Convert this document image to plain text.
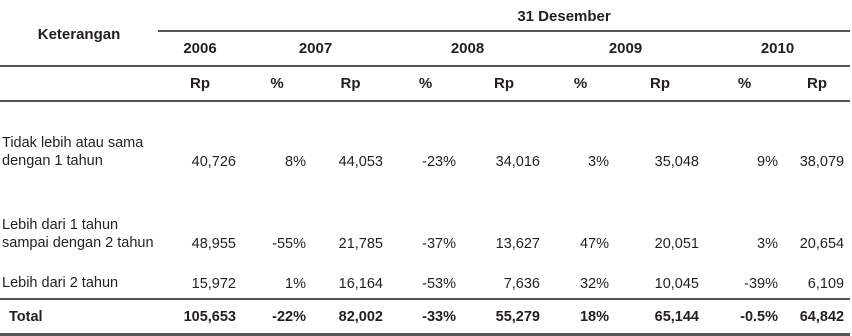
Keterangan	31 Desember								
	2006	2007		2008		2009		2010	
	Rp	%	Rp	%	Rp	%	Rp	%	Rp
Tidak lebih atau sama dengan 1 tahun	40,726	8%	44,053	-23%	34,016	3%	35,048	9%	38,079
Lebih dari 1 tahun sampai dengan 2 tahun	48,955	-55%	21,785	-37%	13,627	47%	20,051	3%	20,654
Lebih dari 2 tahun	15,972	1%	16,164	-53%	7,636	32%	10,045	-39%	6,109
Total	105,653	-22%	82,002	-33%	55,279	18%	65,144	-0.5%	64,842
